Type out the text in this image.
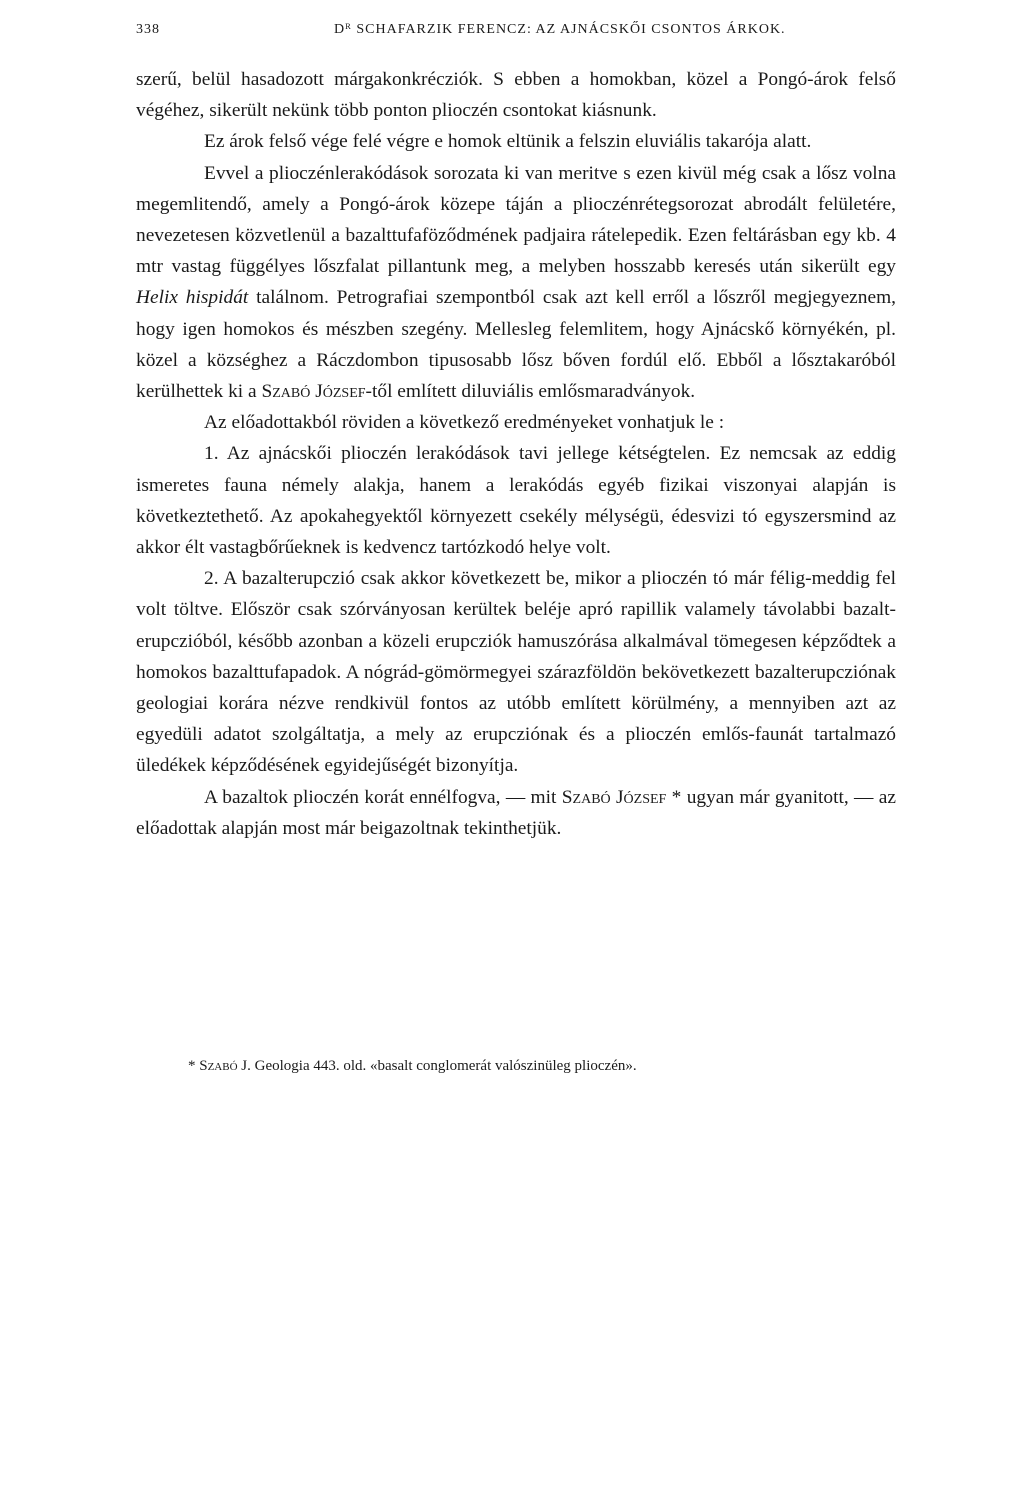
338	Dᴿ SCHAFARZIK FERENCZ: AZ AJNÁCSKŐI CSONTOS ÁRKOK.

szerű, belül hasadozott márgakonkrécziók. S ebben a homokban, közel a Pongó-árok felső végéhez, sikerült nekünk több ponton plioczén csontokat kiásnunk.

Ez árok felső vége felé végre e homok eltünik a felszin eluviális takarója alatt.

Evvel a plioczénlerakódások sorozata ki van meritve s ezen kivül még csak a lősz volna megemlitendő, amely a Pongó-árok közepe táján a plioczénrétegsorozat abrodált felületére, nevezetesen közvetlenül a bazalttufaföződmének padjaira rátelepedik. Ezen feltárásban egy kb. 4 mtr vastag függélyes lőszfalat pillantunk meg, a melyben hosszabb keresés után sikerült egy Helix hispidát találnom. Petrografiai szempontból csak azt kell erről a lőszről megjegyeznem, hogy igen homokos és mészben szegény. Mellesleg felemlitem, hogy Ajnácskő környékén, pl. közel a községhez a Ráczdombon tipusosabb lősz bőven fordúl elő. Ebből a lősztakaróból kerülhettek ki a Szabó József-től említett diluviális emlősmaradványok.

Az előadottakból röviden a következő eredményeket vonhatjuk le :

1. Az ajnácskői plioczén lerakódások tavi jellege kétségtelen. Ez nemcsak az eddig ismeretes fauna némely alakja, hanem a lerakódás egyéb fizikai viszonyai alapján is következtethető. Az apokahegyektől környezett csekély mélységü, édesvizi tó egyszersmind az akkor élt vastagbőrűeknek is kedvencz tartózkodó helye volt.

2. A bazalterupczió csak akkor következett be, mikor a plioczén tó már félig-meddig fel volt töltve. Először csak szórványosan kerültek beléje apró rapillik valamely távolabbi bazalt-erupczióból, később azonban a közeli erupcziók hamuszórása alkalmával tömegesen képződtek a homokos bazalttufapadok. A nógrád-gömörmegyei szárazföldön bekövetkezett bazalterupcziónak geologiai korára nézve rendkivül fontos az utóbb említett körülmény, a mennyiben azt az egyedüli adatot szolgáltatja, a mely az erupcziónak és a plioczén emlős-faunát tartalmazó üledékek képződésének egyidejűségét bizonyítja.

A bazaltok plioczén korát ennélfogva, — mit Szabó József * ugyan már gyanitott, — az előadottak alapján most már beigazoltnak tekinthetjük.

* Szabó J. Geologia 443. old. «basalt conglomerát valószinüleg plioczén».
